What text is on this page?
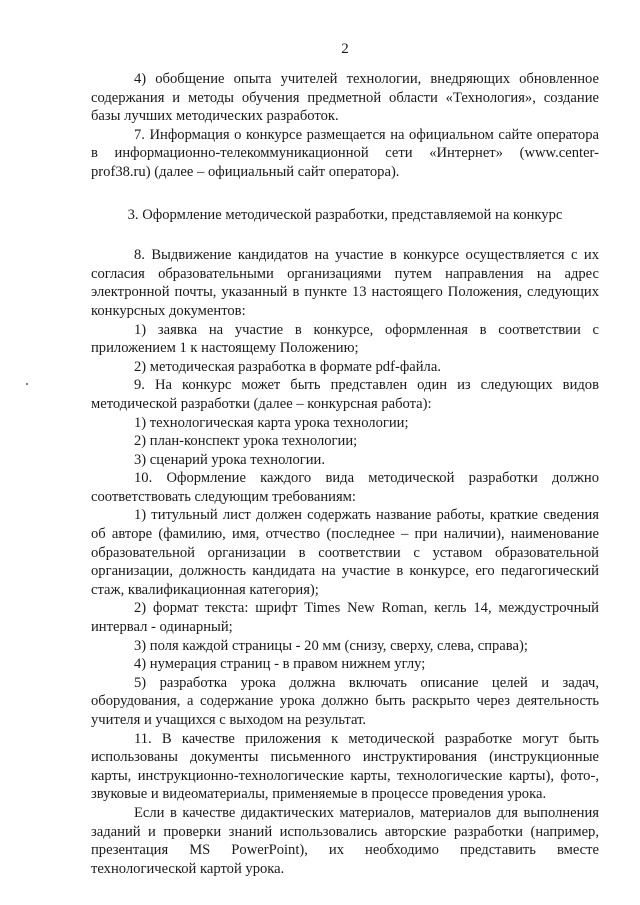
2

4) обобщение опыта учителей технологии, внедряющих обновленное содержания и методы обучения предметной области «Технология», создание базы лучших методических разработок.

7. Информация о конкурсе размещается на официальном сайте оператора в информационно-телекоммуникационной сети «Интернет» (www.center-prof38.ru) (далее – официальный сайт оператора).

3. Оформление методической разработки, представляемой на конкурс

8. Выдвижение кандидатов на участие в конкурсе осуществляется с их согласия образовательными организациями путем направления на адрес электронной почты, указанный в пункте 13 настоящего Положения, следующих конкурсных документов:

1) заявка на участие в конкурсе, оформленная в соответствии с приложением 1 к настоящему Положению;

2) методическая разработка в формате pdf-файла.

9. На конкурс может быть представлен один из следующих видов методической разработки (далее – конкурсная работа):

1) технологическая карта урока технологии;

2) план-конспект урока технологии;

3) сценарий урока технологии.

10. Оформление каждого вида методической разработки должно соответствовать следующим требованиям:

1) титульный лист должен содержать название работы, краткие сведения об авторе (фамилию, имя, отчество (последнее – при наличии), наименование образовательной организации в соответствии с уставом образовательной организации, должность кандидата на участие в конкурсе, его педагогический стаж, квалификационная категория);

2) формат текста: шрифт Times New Roman, кегль 14, междустрочный интервал - одинарный;

3) поля каждой страницы - 20 мм (снизу, сверху, слева, справа);

4) нумерация страниц - в правом нижнем углу;

5) разработка урока должна включать описание целей и задач, оборудования, а содержание урока должно быть раскрыто через деятельность учителя и учащихся с выходом на результат.

11. В качестве приложения к методической разработке могут быть использованы документы письменного инструктирования (инструкционные карты, инструкционно-технологические карты, технологические карты), фото-, звуковые и видеоматериалы, применяемые в процессе проведения урока.

Если в качестве дидактических материалов, материалов для выполнения заданий и проверки знаний использовались авторские разработки (например, презентация MS PowerPoint), их необходимо представить вместе технологической картой урока.
